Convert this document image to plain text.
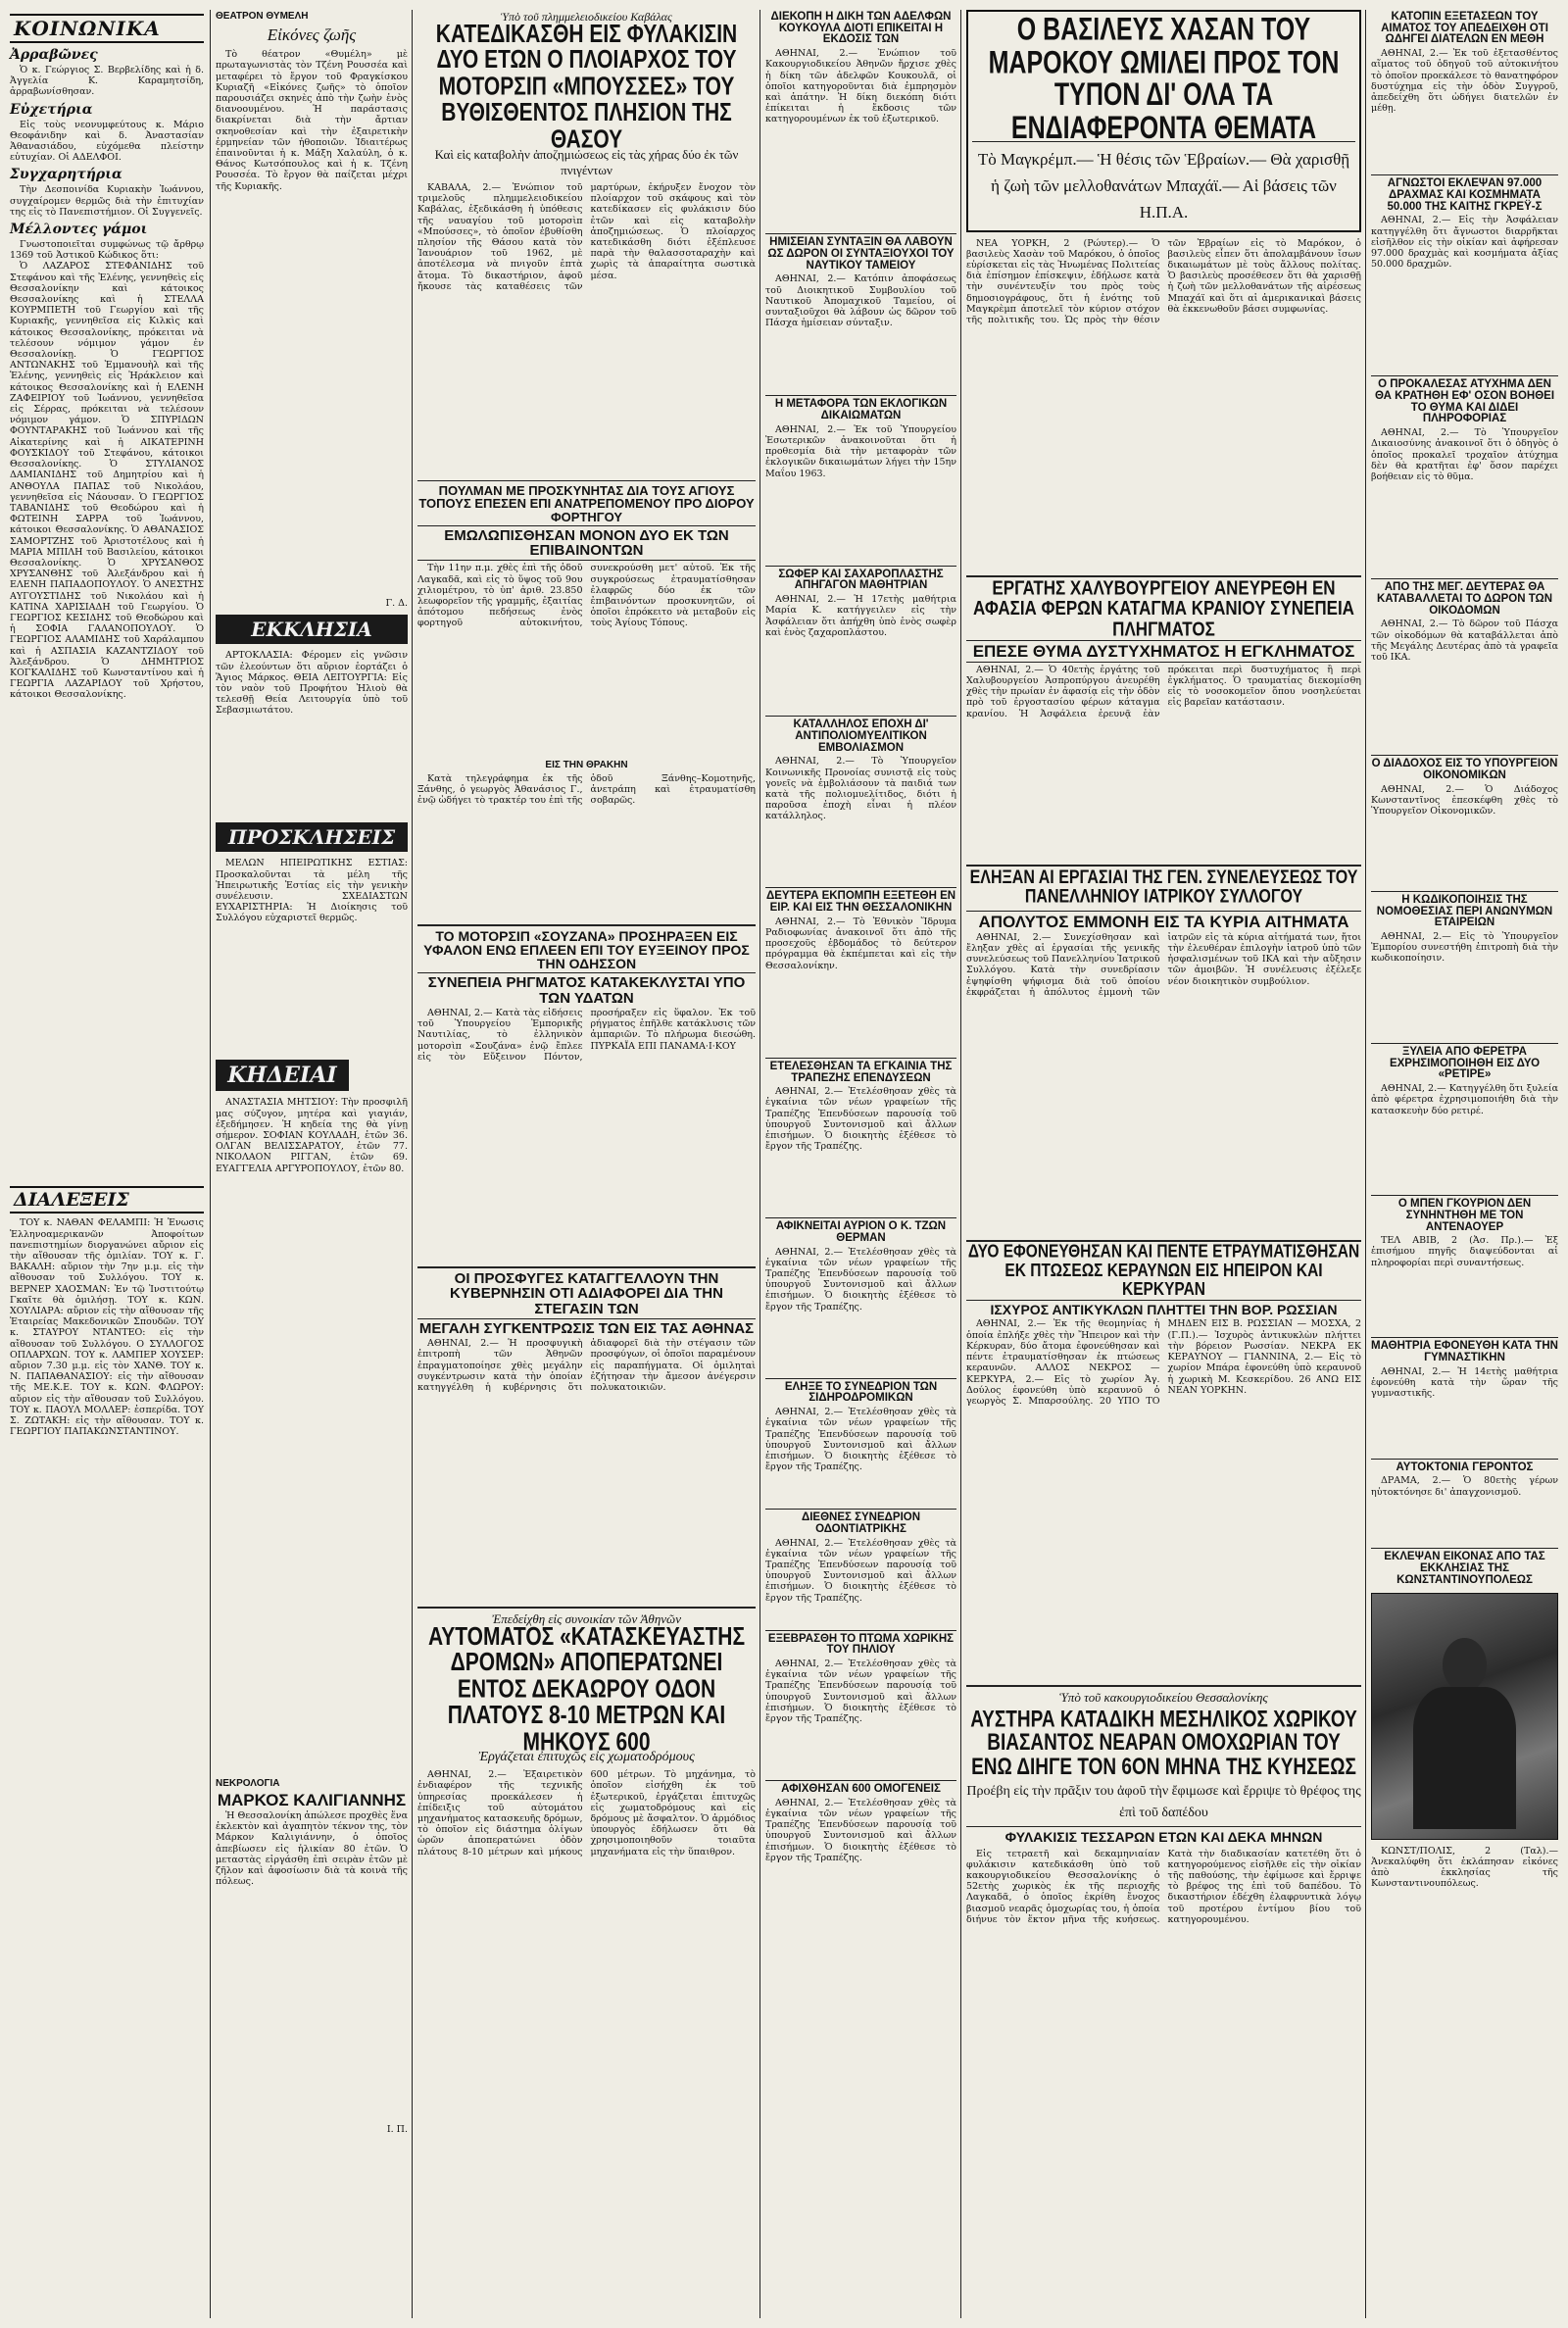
ΚΟΙΝΩΝΙΚΑ
Ἀρραβῶνες
Ὁ κ. Γεώργιος Σ. Βερβελίδης καὶ ἡ δ. Ἀγγελία Κ. Καραμητσίδη, ἀρραβωνίσθησαν.
Εὐχετήρια
Εἰς τοὺς νεονυμφεύτους κ. Μάριο Θεοφάνιδην καὶ δ. Ἀναστασίαν Ἀθανασιάδου, εὐχόμεθα πλείστην εὐτυχίαν. Οἱ ΑΔΕΛΦΟΙ.
Συγχαρητήρια
Τὴν Δεσποινίδα Κυριακὴν Ἰωάννου, συγχαίρομεν θερμῶς διὰ τὴν ἐπιτυχίαν της εἰς τὸ Πανεπιστήμιον. Οἱ Συγγενεῖς.
Μέλλοντες γάμοι
Γνωστοποιεῖται συμφώνως τῷ ἄρθρῳ 1369 τοῦ Ἀστικοῦ Κώδικος ὅτι:
Ὁ ΛΑΖΑΡΟΣ ΣΤΕΦΑΝΙΔΗΣ τοῦ Στεφάνου καὶ τῆς Ἐλένης, γεννηθεὶς εἰς Θεσσαλονίκην καὶ κάτοικος Θεσσαλονίκης καὶ ἡ ΣΤΕΛΛΑ ΚΟΥΡΜΠΕΤΗ τοῦ Γεωργίου καὶ τῆς Κυριακῆς, γεννηθεῖσα εἰς Κιλκὶς καὶ κάτοικος Θεσσαλονίκης, πρόκειται νὰ τελέσουν νόμιμον γάμον ἐν Θεσσαλονίκῃ. Ὁ ΓΕΩΡΓΙΟΣ ΑΝΤΩΝΑΚΗΣ τοῦ Ἐμμανουὴλ καὶ τῆς Ἑλένης, γεννηθεὶς εἰς Ἠράκλειον καὶ κάτοικος Θεσσαλονίκης καὶ ἡ ΕΛΕΝΗ ΖΑΦΕΙΡΙΟΥ τοῦ Ἰωάννου, γεννηθεῖσα εἰς Σέρρας, πρόκειται νὰ τελέσουν νόμιμον γάμον. Ὁ ΣΠΥΡΙΔΩΝ ΦΟΥΝΤΑΡΑΚΗΣ τοῦ Ἰωάννου καὶ τῆς Αἰκατερίνης καὶ ἡ ΑΙΚΑΤΕΡΙΝΗ ΦΟΥΣΚΙΔΟΥ τοῦ Στεφάνου, κάτοικοι Θεσσαλονίκης. Ὁ ΣΤΥΛΙΑΝΟΣ ΔΑΜΙΑΝΙΔΗΣ τοῦ Δημητρίου καὶ ἡ ΑΝΘΟΥΛΑ ΠΑΠΑΣ τοῦ Νικολάου, γεννηθεῖσα εἰς Νάουσαν. Ὁ ΓΕΩΡΓΙΟΣ ΤΑΒΑΝΙΔΗΣ τοῦ Θεοδώρου καὶ ἡ ΦΩΤΕΙΝΗ ΣΑΡΡΑ τοῦ Ἰωάννου, κάτοικοι Θεσσαλονίκης. Ὁ ΑΘΑΝΑΣΙΟΣ ΣΑΜΟΡΤΖΗΣ τοῦ Ἀριστοτέλους καὶ ἡ ΜΑΡΙΑ ΜΠΙΛΗ τοῦ Βασιλείου, κάτοικοι Θεσσαλονίκης. Ὁ ΧΡΥΣΑΝΘΟΣ ΧΡΥΣΑΝΘΗΣ τοῦ Ἀλεξάνδρου καὶ ἡ ΕΛΕΝΗ ΠΑΠΑΔΟΠΟΥΛΟΥ. Ὁ ΑΝΕΣΤΗΣ ΑΥΓΟΥΣΤΙΔΗΣ τοῦ Νικολάου καὶ ἡ ΚΑΤΙΝΑ ΧΑΡΙΣΙΑΔΗ τοῦ Γεωργίου. Ὁ ΓΕΩΡΓΙΟΣ ΚΕΣΙΔΗΣ τοῦ Θεοδώρου καὶ ἡ ΣΟΦΙΑ ΓΑΛΑΝΟΠΟΥΛΟΥ. Ὁ ΓΕΩΡΓΙΟΣ ΑΛΑΜΙΔΗΣ τοῦ Χαράλαμπου καὶ ἡ ΑΣΠΑΣΙΑ ΚΑΖΑΝΤΖΙΔΟΥ τοῦ Ἀλεξάνδρου. Ὁ ΔΗΜΗΤΡΙΟΣ ΚΟΓΚΑΛΙΔΗΣ τοῦ Κωνσταντίνου καὶ ἡ ΓΕΩΡΓΙΑ ΛΑΖΑΡΙΔΟΥ τοῦ Χρήστου, κάτοικοι Θεσσαλονίκης.
ΔΙΑΛΕΞΕΙΣ
ΤΟΥ κ. ΝΑΘΑΝ ΦΕΛΑΜΠΙ: Ἡ Ἑνωσις Ἑλληνοαμερικανῶν Ἀποφοίτων πανεπιστημίων διοργανώνει αὔριον εἰς τὴν αἴθουσαν τῆς ὁμιλίαν. ΤΟΥ κ. Γ. ΒΑΚΑΛΗ: αὔριον τὴν 7ην μ.μ. εἰς τὴν αἴθουσαν τοῦ Συλλόγου. ΤΟΥ κ. ΒΕΡΝΕΡ ΧΑΟΣΜΑΝ: Ἐν τῷ Ἰνστιτούτῳ Γκαῖτε θὰ ὁμιλήσῃ. ΤΟΥ κ. ΚΩΝ. ΧΟΥΛΙΑΡΑ: αὔριον εἰς τὴν αἴθουσαν τῆς Ἑταιρείας Μακεδονικῶν Σπουδῶν. ΤΟΥ κ. ΣΤΑΥΡΟΥ ΝΤΑΝΤΕΟ: εἰς τὴν αἴθουσαν τοῦ Συλλόγου. Ο ΣΥΛΛΟΓΟΣ ΟΠΛΑΡΧΩΝ. ΤΟΥ κ. ΛΑΜΠΕΡ ΧΟΥΣΕΡ: αὔριον 7.30 μ.μ. εἰς τὸν ΧΑΝΘ. ΤΟΥ κ. Ν. ΠΑΠΑΘΑΝΑΣΙΟΥ: εἰς τὴν αἴθουσαν τῆς ΜΕ.Κ.Ε. ΤΟΥ κ. ΚΩΝ. ΦΛΩΡΟΥ: αὔριον εἰς τὴν αἴθουσαν τοῦ Συλλόγου. ΤΟΥ κ. ΠΑΟΥΛ ΜΟΛΛΕΡ: ἑσπερίδα. ΤΟΥ Σ. ΖΩΤΑΚΗ: εἰς τὴν αἴθουσαν. ΤΟΥ κ. ΓΕΩΡΓΙΟΥ ΠΑΠΑΚΩΝΣΤΑΝΤΙΝΟΥ.
ΘΕΑΤΡΟΝ ΘΥΜΕΛΗ
Εἰκόνες ζωῆς
Τὸ θέατρον «Θυμέλη» μὲ πρωταγωνιστὰς τὸν Τζένη Ρουσσέα καὶ μεταφέρει τὸ ἔργον τοῦ Φραγκίσκου Κυριαζῆ «Εἰκόνες ζωῆς» τὸ ὁποῖον παρουσιάζει σκηνὲς ἀπὸ τὴν ζωὴν ἐνὸς διανοουμένου. Ἡ παράστασις διακρίνεται διὰ τὴν ἄρτιαν σκηνοθεσίαν καὶ τὴν ἐξαιρετικὴν ἑρμηνείαν τῶν ἠθοποιῶν. Ἰδιαιτέρως ἐπαινοῦνται ἡ κ. Μάξη Χαλαύλη, ὁ κ. Θάνος Κωτσόπουλος καὶ ἡ κ. Τζένη Ρουσσέα. Τὸ ἔργον θὰ παίζεται μέχρι τῆς Κυριακῆς.
Γ. Δ.
ΕΚΚΛΗΣΙΑ
ΑΡΤΟΚΛΑΣΙΑ: Φέρομεν εἰς γνῶσιν τῶν ἐλεούντων ὅτι αὔριον ἑορτάζει ὁ Ἅγιος Μάρκος. ΘΕΙΑ ΛΕΙΤΟΥΡΓΙΑ: Εἰς τὸν ναὸν τοῦ Προφήτου Ἠλιοὺ θὰ τελεσθῇ Θεία Λειτουργία ὑπὸ τοῦ Σεβασμιωτάτου.
ΠΡΟΣΚΛΗΣΕΙΣ
ΜΕΛΩΝ ΗΠΕΙΡΩΤΙΚΗΣ ΕΣΤΙΑΣ: Προσκαλοῦνται τὰ μέλη τῆς Ἠπειρωτικῆς Ἑστίας εἰς τὴν γενικὴν συνέλευσιν. ΣΧΕΔΙΑΣΤΩΝ ΕΥΧΑΡΙΣΤΗΡΙΑ: Ἡ Διοίκησις τοῦ Συλλόγου εὐχαριστεῖ θερμῶς.
ΚΗΔΕΙΑΙ
ΑΝΑΣΤΑΣΙΑ ΜΗΤΣΙΟΥ: Τὴν προσφιλῆ μας σύζυγον, μητέρα καὶ γιαγιάν, ἐξεδήμησεν. Ἡ κηδεία της θὰ γίνῃ σήμερον. ΣΟΦΙΑΝ ΚΟΥΛΑΔΗ, ἐτῶν 36. ΟΛΓΑΝ ΒΕΛΙΣΣΑΡΑΤΟΥ, ἐτῶν 77. ΝΙΚΟΛΑΟΝ ΡΙΓΓΑΝ, ἐτῶν 69. ΕΥΑΓΓΕΛΙΑ ΑΡΓΥΡΟΠΟΥΛΟΥ, ἐτῶν 80.
ΝΕΚΡΟΛΟΓΙΑ
ΜΑΡΚΟΣ ΚΑΛΙΓΙΑΝΝΗΣ
Ἡ Θεσσαλονίκη ἀπώλεσε προχθὲς ἕνα ἐκλεκτὸν καὶ ἀγαπητὸν τέκνον της, τὸν Μάρκον Καλιγιάννην, ὁ ὁποῖος ἀπεβίωσεν εἰς ἡλικίαν 80 ἐτῶν. Ὁ μεταστὰς εἰργάσθη ἐπὶ σειρὰν ἐτῶν μὲ ζῆλον καὶ ἀφοσίωσιν διὰ τὰ κοινὰ τῆς πόλεως.
Ι. Π.
Ὑπὸ τοῦ πλημμελειοδικείου Καβάλας
ΚΑΤΕΔΙΚΑΣΘΗ ΕΙΣ ΦΥΛΑΚΙΣΙΝ ΔΥΟ ΕΤΩΝ Ο ΠΛΟΙΑΡΧΟΣ ΤΟΥ ΜΟΤΟΡΣΙΠ «ΜΠΟΥΣΣΕΣ» ΤΟΥ ΒΥΘΙΣΘΕΝΤΟΣ ΠΛΗΣΙΟΝ ΤΗΣ ΘΑΣΟΥ
Καὶ εἰς καταβολὴν ἀποζημιώσεως εἰς τὰς χήρας δύο ἐκ τῶν πνιγέντων
ΚΑΒΑΛΑ, 2.— Ἐνώπιον τοῦ τριμελοῦς πλημμελειοδικείου Καβάλας, ἐξεδικάσθη ἡ ὑπόθεσις τῆς ναυαγίου τοῦ μοτορσὶπ «Μπούσσες», τὸ ὁποῖον ἐβυθίσθη πλησίον τῆς Θάσου κατὰ τὸν Ἰανουάριον τοῦ 1962, μὲ ἀποτέλεσμα νὰ πνιγοῦν ἑπτὰ ἄτομα. Τὸ δικαστήριον, ἀφοῦ ἤκουσε τὰς καταθέσεις τῶν μαρτύρων, ἐκήρυξεν ἔνοχον τὸν πλοίαρχον τοῦ σκάφους καὶ τὸν κατεδίκασεν εἰς φυλάκισιν δύο ἐτῶν καὶ εἰς καταβολὴν ἀποζημιώσεως. Ὁ πλοίαρχος κατεδικάσθη διότι ἐξέπλευσε παρὰ τὴν θαλασσοταραχὴν καὶ χωρὶς τὰ ἀπαραίτητα σωστικὰ μέσα.
ΠΟΥΛΜΑΝ ΜΕ ΠΡΟΣΚΥΝΗΤΑΣ ΔΙΑ ΤΟΥΣ ΑΓΙΟΥΣ ΤΟΠΟΥΣ ΕΠΕΣΕΝ ΕΠΙ ΑΝΑΤΡΕΠΟΜΕΝΟΥ ΠΡΟ ΔΙΟΡΟΥ ΦΟΡΤΗΓΟΥ
ΕΜΩΛΩΠΙΣΘΗΣΑΝ ΜΟΝΟΝ ΔΥΟ ΕΚ ΤΩΝ ΕΠΙΒΑΙΝΟΝΤΩΝ
Τὴν 11ην π.μ. χθὲς ἐπὶ τῆς ὁδοῦ Λαγκαδᾶ, καὶ εἰς τὸ ὕψος τοῦ 9ου χιλιομέτρου, τὸ ὑπ' ἀριθ. 23.850 λεωφορεῖον τῆς γραμμῆς, ἐξαιτίας ἀπότομου πεδήσεως ἐνὸς φορτηγοῦ αὐτοκινήτου, συνεκρούσθη μετ' αὐτοῦ. Ἐκ τῆς συγκρούσεως ἐτραυματίσθησαν ἐλαφρῶς δύο ἐκ τῶν ἐπιβαινόντων προσκυνητῶν, οἱ ὁποῖοι ἐπρόκειτο νὰ μεταβοῦν εἰς τοὺς Ἁγίους Τόπους.
ΕΙΣ ΤΗΝ ΘΡΑΚΗΝ
Κατὰ τηλεγράφημα ἐκ τῆς Ξάνθης, ὁ γεωργὸς Ἀθανάσιος Γ., ἐνῷ ὡδήγει τὸ τρακτέρ του ἐπὶ τῆς ὁδοῦ Ξάνθης–Κομοτηνῆς, ἀνετράπη καὶ ἐτραυματίσθη σοβαρῶς.
ΤΟ ΜΟΤΟΡΣΙΠ «ΣΟΥΖΑΝΑ» ΠΡΟΣΗΡΑΞΕΝ ΕΙΣ ΥΦΑΛΟΝ ΕΝΩ ΕΠΛΕΕΝ ΕΠΙ ΤΟΥ ΕΥΞΕΙΝΟΥ ΠΡΟΣ ΤΗΝ ΟΔΗΣΣΟΝ
ΣΥΝΕΠΕΙΑ ΡΗΓΜΑΤΟΣ ΚΑΤΑΚΕΚΛΥΣΤΑΙ ΥΠΟ ΤΩΝ ΥΔΑΤΩΝ
ΑΘΗΝΑΙ, 2.— Κατὰ τὰς εἰδήσεις τοῦ Ὑπουργείου Ἐμπορικῆς Ναυτιλίας, τὸ ἑλληνικὸν μοτορσὶπ «Σουζάνα» ἐνῷ ἔπλεε εἰς τὸν Εὔξεινον Πόντον, προσήραξεν εἰς ὕφαλον. Ἐκ τοῦ ρήγματος ἐπῆλθε κατάκλυσις τῶν ἀμπαριῶν. Τὸ πλήρωμα διεσώθη. ΠΥΡΚΑΪΑ ΕΠΙ ΠΑΝΑΜΑ·Ι·ΚΟΥ
ΟΙ ΠΡΟΣΦΥΓΕΣ ΚΑΤΑΓΓΕΛΛΟΥΝ ΤΗΝ ΚΥΒΕΡΝΗΣΙΝ ΟΤΙ ΑΔΙΑΦΟΡΕΙ ΔΙΑ ΤΗΝ ΣΤΕΓΑΣΙΝ ΤΩΝ
ΜΕΓΑΛΗ ΣΥΓΚΕΝΤΡΩΣΙΣ ΤΩΝ ΕΙΣ ΤΑΣ ΑΘΗΝΑΣ
ΑΘΗΝΑΙ, 2.— Ἡ προσφυγικὴ ἐπιτροπὴ τῶν Ἀθηνῶν ἐπραγματοποίησε χθὲς μεγάλην συγκέντρωσιν κατὰ τὴν ὁποίαν κατηγγέλθη ἡ κυβέρνησις ὅτι ἀδιαφορεῖ διὰ τὴν στέγασιν τῶν προσφύγων, οἱ ὁποῖοι παραμένουν εἰς παραπήγματα. Οἱ ὁμιληταὶ ἐζήτησαν τὴν ἄμεσον ἀνέγερσιν πολυκατοικιῶν.
Ἐπεδείχθη εἰς συνοικίαν τῶν Ἀθηνῶν
ΑΥΤΟΜΑΤΟΣ «ΚΑΤΑΣΚΕΥΑΣΤΗΣ ΔΡΟΜΩΝ» ΑΠΟΠΕΡΑΤΩΝΕΙ ΕΝΤΟΣ ΔΕΚΑΩΡΟΥ ΟΔΟΝ ΠΛΑΤΟΥΣ 8-10 ΜΕΤΡΩΝ ΚΑΙ ΜΗΚΟΥΣ 600
Ἐργάζεται ἐπιτυχῶς εἰς χωματοδρόμους
ΑΘΗΝΑΙ, 2.— Ἐξαιρετικὸν ἐνδιαφέρον τῆς τεχνικῆς ὑπηρεσίας προεκάλεσεν ἡ ἐπίδειξις τοῦ αὐτομάτου μηχανήματος κατασκευῆς δρόμων, τὸ ὁποῖον εἰς διάστημα ὀλίγων ὡρῶν ἀποπερατώνει ὁδὸν πλάτους 8-10 μέτρων καὶ μήκους 600 μέτρων. Τὸ μηχάνημα, τὸ ὁποῖον εἰσήχθη ἐκ τοῦ ἐξωτερικοῦ, ἐργάζεται ἐπιτυχῶς εἰς χωματοδρόμους καὶ εἰς δρόμους μὲ ἄσφαλτον. Ὁ ἀρμόδιος ὑπουργὸς ἐδήλωσεν ὅτι θὰ χρησιμοποιηθοῦν τοιαῦτα μηχανήματα εἰς τὴν ὕπαιθρον.
ΔΙΕΚΟΠΗ Η ΔΙΚΗ ΤΩΝ ΑΔΕΛΦΩΝ ΚΟΥΚΟΥΛΑ ΔΙΟΤΙ ΕΠΙΚΕΙΤΑΙ Η ΕΚΔΟΣΙΣ ΤΩΝ
ΑΘΗΝΑΙ, 2.— Ἐνώπιον τοῦ Κακουργιοδικείου Ἀθηνῶν ἤρχισε χθὲς ἡ δίκη τῶν ἀδελφῶν Κουκουλᾶ, οἱ ὁποῖοι κατηγοροῦνται διὰ ἐμπρησμὸν καὶ ἀπάτην. Ἡ δίκη διεκόπη διότι ἐπίκειται ἡ ἔκδοσις τῶν κατηγορουμένων ἐκ τοῦ ἐξωτερικοῦ.
ΗΜΙΣΕΙΑΝ ΣΥΝΤΑΞΙΝ ΘΑ ΛΑΒΟΥΝ ΩΣ ΔΩΡΟΝ ΟΙ ΣΥΝΤΑΞΙΟΥΧΟΙ ΤΟΥ ΝΑΥΤΙΚΟΥ ΤΑΜΕΙΟΥ
ΑΘΗΝΑΙ, 2.— Κατόπιν ἀποφάσεως τοῦ Διοικητικοῦ Συμβουλίου τοῦ Ναυτικοῦ Ἀπομαχικοῦ Ταμείου, οἱ συνταξιοῦχοι θὰ λάβουν ὡς δῶρον τοῦ Πάσχα ἡμίσειαν σύνταξιν.
Η ΜΕΤΑΦΟΡΑ ΤΩΝ ΕΚΛΟΓΙΚΩΝ ΔΙΚΑΙΩΜΑΤΩΝ
ΑΘΗΝΑΙ, 2.— Ἐκ τοῦ Ὑπουργείου Ἐσωτερικῶν ἀνακοινοῦται ὅτι ἡ προθεσμία διὰ τὴν μεταφορὰν τῶν ἐκλογικῶν δικαιωμάτων λήγει τὴν 15ην Μαΐου 1963.
ΣΩΦΕΡ ΚΑΙ ΣΑΧΑΡΟΠΛΑΣΤΗΣ ΑΠΗΓΑΓΟΝ ΜΑΘΗΤΡΙΑΝ
ΑΘΗΝΑΙ, 2.— Ἡ 17ετὴς μαθήτρια Μαρία Κ. κατήγγειλεν εἰς τὴν Ἀσφάλειαν ὅτι ἀπήχθη ὑπὸ ἑνὸς σωφὲρ καὶ ἑνὸς ζαχαροπλάστου.
ΚΑΤΑΛΛΗΛΟΣ ΕΠΟΧΗ ΔΙ' ΑΝΤΙΠΟΛΙΟΜΥΕΛΙΤΙΚΟΝ ΕΜΒΟΛΙΑΣΜΟΝ
ΑΘΗΝΑΙ, 2.— Τὸ Ὑπουργεῖον Κοινωνικῆς Προνοίας συνιστᾷ εἰς τοὺς γονεῖς νὰ ἐμβολιάσουν τὰ παιδιά των κατὰ τῆς πολιομυελίτιδος, διότι ἡ παροῦσα ἐποχὴ εἶναι ἡ πλέον κατάλληλος.
ΔΕΥΤΕΡΑ ΕΚΠΟΜΠΗ ΕΞΕΤΕΘΗ ΕΝ ΕΙΡ. ΚΑΙ ΕΙΣ ΤΗΝ ΘΕΣΣΑΛΟΝΙΚΗΝ
ΑΘΗΝΑΙ, 2.— Τὸ Ἐθνικὸν Ἵδρυμα Ραδιοφωνίας ἀνακοινοῖ ὅτι ἀπὸ τῆς προσεχοῦς ἑβδομάδος τὸ δεύτερον πρόγραμμα θὰ ἐκπέμπεται καὶ εἰς τὴν Θεσσαλονίκην.
ΕΤΕΛΕΣΘΗΣΑΝ ΤΑ ΕΓΚΑΙΝΙΑ ΤΗΣ ΤΡΑΠΕΖΗΣ ΕΠΕΝΔΥΣΕΩΝ
ΑΘΗΝΑΙ, 2.— Ἐτελέσθησαν χθὲς τὰ ἐγκαίνια τῶν νέων γραφείων τῆς Τραπέζης Ἐπενδύσεων παρουσίᾳ τοῦ ὑπουργοῦ Συντονισμοῦ καὶ ἄλλων ἐπισήμων. Ὁ διοικητὴς ἐξέθεσε τὸ ἔργον τῆς Τραπέζης.
ΑΦΙΚΝΕΙΤΑΙ ΑΥΡΙΟΝ Ο Κ. ΤΖΩΝ ΘΕΡΜΑΝ
ΑΘΗΝΑΙ, 2.— Ἐτελέσθησαν χθὲς τὰ ἐγκαίνια τῶν νέων γραφείων τῆς Τραπέζης Ἐπενδύσεων παρουσίᾳ τοῦ ὑπουργοῦ Συντονισμοῦ καὶ ἄλλων ἐπισήμων. Ὁ διοικητὴς ἐξέθεσε τὸ ἔργον τῆς Τραπέζης.
ΕΛΗΞΕ ΤΟ ΣΥΝΕΔΡΙΟΝ ΤΩΝ ΣΙΔΗΡΟΔΡΟΜΙΚΩΝ
ΑΘΗΝΑΙ, 2.— Ἐτελέσθησαν χθὲς τὰ ἐγκαίνια τῶν νέων γραφείων τῆς Τραπέζης Ἐπενδύσεων παρουσίᾳ τοῦ ὑπουργοῦ Συντονισμοῦ καὶ ἄλλων ἐπισήμων. Ὁ διοικητὴς ἐξέθεσε τὸ ἔργον τῆς Τραπέζης.
ΔΙΕΘΝΕΣ ΣΥΝΕΔΡΙΟΝ ΟΔΟΝΤΙΑΤΡΙΚΗΣ
ΑΘΗΝΑΙ, 2.— Ἐτελέσθησαν χθὲς τὰ ἐγκαίνια τῶν νέων γραφείων τῆς Τραπέζης Ἐπενδύσεων παρουσίᾳ τοῦ ὑπουργοῦ Συντονισμοῦ καὶ ἄλλων ἐπισήμων. Ὁ διοικητὴς ἐξέθεσε τὸ ἔργον τῆς Τραπέζης.
ΕΞΕΒΡΑΣΘΗ ΤΟ ΠΤΩΜΑ ΧΩΡΙΚΗΣ ΤΟΥ ΠΗΛΙΟΥ
ΑΘΗΝΑΙ, 2.— Ἐτελέσθησαν χθὲς τὰ ἐγκαίνια τῶν νέων γραφείων τῆς Τραπέζης Ἐπενδύσεων παρουσίᾳ τοῦ ὑπουργοῦ Συντονισμοῦ καὶ ἄλλων ἐπισήμων. Ὁ διοικητὴς ἐξέθεσε τὸ ἔργον τῆς Τραπέζης.
ΑΦΙΧΘΗΣΑΝ 600 ΟΜΟΓΕΝΕΙΣ
ΑΘΗΝΑΙ, 2.— Ἐτελέσθησαν χθὲς τὰ ἐγκαίνια τῶν νέων γραφείων τῆς Τραπέζης Ἐπενδύσεων παρουσίᾳ τοῦ ὑπουργοῦ Συντονισμοῦ καὶ ἄλλων ἐπισήμων. Ὁ διοικητὴς ἐξέθεσε τὸ ἔργον τῆς Τραπέζης.
Ο ΒΑΣΙΛΕΥΣ ΧΑΣΑΝ ΤΟΥ ΜΑΡΟΚΟΥ ΩΜΙΛΕΙ ΠΡΟΣ ΤΟΝ ΤΥΠΟΝ ΔΙ' ΟΛΑ ΤΑ ΕΝΔΙΑΦΕΡΟΝΤΑ ΘΕΜΑΤΑ
Τὸ Μαγκρέμπ.— Ἡ θέσις τῶν Ἑβραίων.— Θὰ χαρισθῇ ἡ ζωὴ τῶν μελλοθανάτων Μπαχάϊ.— Αἱ βάσεις τῶν Η.Π.Α.
ΝΕΑ ΥΟΡΚΗ, 2 (Ρώυτερ).— Ὁ βασιλεὺς Χασὰν τοῦ Μαρόκου, ὁ ὁποῖος εὑρίσκεται εἰς τὰς Ἡνωμένας Πολιτείας διὰ ἐπίσημον ἐπίσκεψιν, ἐδήλωσε κατὰ τὴν συνέντευξίν του πρὸς τοὺς δημοσιογράφους, ὅτι ἡ ἑνότης τοῦ Μαγκρὲμπ ἀποτελεῖ τὸν κύριον στόχον τῆς πολιτικῆς του. Ὡς πρὸς τὴν θέσιν τῶν Ἑβραίων εἰς τὸ Μαρόκον, ὁ βασιλεὺς εἶπεν ὅτι ἀπολαμβάνουν ἴσων δικαιωμάτων μὲ τοὺς ἄλλους πολίτας. Ὁ βασιλεὺς προσέθεσεν ὅτι θὰ χαρισθῇ ἡ ζωὴ τῶν μελλοθανάτων τῆς αἱρέσεως Μπαχάϊ καὶ ὅτι αἱ ἀμερικανικαὶ βάσεις θὰ ἐκκενωθοῦν βάσει συμφωνίας.
ΕΡΓΑΤΗΣ ΧΑΛΥΒΟΥΡΓΕΙΟΥ ΑΝΕΥΡΕΘΗ ΕΝ ΑΦΑΣΙΑ ΦΕΡΩΝ ΚΑΤΑΓΜΑ ΚΡΑΝΙΟΥ ΣΥΝΕΠΕΙΑ ΠΛΗΓΜΑΤΟΣ
ΕΠΕΣΕ ΘΥΜΑ ΔΥΣΤΥΧΗΜΑΤΟΣ Η ΕΓΚΛΗΜΑΤΟΣ
ΑΘΗΝΑΙ, 2.— Ὁ 40ετὴς ἐργάτης τοῦ Χαλυβουργείου Ἀσπροπύργου ἀνευρέθη χθὲς τὴν πρωίαν ἐν ἀφασίᾳ εἰς τὴν ὁδὸν πρὸ τοῦ ἐργοστασίου φέρων κάταγμα κρανίου. Ἡ Ἀσφάλεια ἐρευνᾷ ἐὰν πρόκειται περὶ δυστυχήματος ἢ περὶ ἐγκλήματος. Ὁ τραυματίας διεκομίσθη εἰς τὸ νοσοκομεῖον ὅπου νοσηλεύεται εἰς βαρεῖαν κατάστασιν.
ΕΛΗΞΑΝ ΑΙ ΕΡΓΑΣΙΑΙ ΤΗΣ ΓΕΝ. ΣΥΝΕΛΕΥΣΕΩΣ ΤΟΥ ΠΑΝΕΛΛΗΝΙΟΥ ΙΑΤΡΙΚΟΥ ΣΥΛΛΟΓΟΥ
ΑΠΟΛΥΤΟΣ ΕΜΜΟΝΗ ΕΙΣ ΤΑ ΚΥΡΙΑ ΑΙΤΗΜΑΤΑ
ΑΘΗΝΑΙ, 2.— Συνεχίσθησαν καὶ ἔληξαν χθὲς αἱ ἐργασίαι τῆς γενικῆς συνελεύσεως τοῦ Πανελληνίου Ἰατρικοῦ Συλλόγου. Κατὰ τὴν συνεδρίασιν ἐψηφίσθη ψήφισμα διὰ τοῦ ὁποίου ἐκφράζεται ἡ ἀπόλυτος ἐμμονὴ τῶν ἰατρῶν εἰς τὰ κύρια αἰτήματά των, ἤτοι τὴν ἐλευθέραν ἐπιλογὴν ἰατροῦ ὑπὸ τῶν ἠσφαλισμένων τοῦ ΙΚΑ καὶ τὴν αὔξησιν τῶν ἀμοιβῶν. Ἡ συνέλευσις ἐξέλεξε νέον διοικητικὸν συμβούλιον.
ΔΥΟ ΕΦΟΝΕΥΘΗΣΑΝ ΚΑΙ ΠΕΝΤΕ ΕΤΡΑΥΜΑΤΙΣΘΗΣΑΝ ΕΚ ΠΤΩΣΕΩΣ ΚΕΡΑΥΝΩΝ ΕΙΣ ΗΠΕΙΡΟΝ ΚΑΙ ΚΕΡΚΥΡΑΝ
ΙΣΧΥΡΟΣ ΑΝΤΙΚΥΚΛΩΝ ΠΛΗΤΤΕΙ ΤΗΝ ΒΟΡ. ΡΩΣΣΙΑΝ
ΑΘΗΝΑΙ, 2.— Ἐκ τῆς θεομηνίας ἡ ὁποία ἐπλήξε χθὲς τὴν Ἤπειρον καὶ τὴν Κέρκυραν, δύο ἄτομα ἐφονεύθησαν καὶ πέντε ἐτραυματίσθησαν ἐκ πτώσεως κεραυνῶν. ΑΛΛΟΣ ΝΕΚΡΟΣ — ΚΕΡΚΥΡΑ, 2.— Εἰς τὸ χωρίον Ἀγ. Δούλος ἐφονεύθη ὑπὸ κεραυνοῦ ὁ γεωργὸς Σ. Μπαρσούλης. 20 ΥΠΟ ΤΟ ΜΗΔΕΝ ΕΙΣ Β. ΡΩΣΣΙΑΝ — ΜΟΣΧΑ, 2 (Γ.Π.).— Ἰσχυρὸς ἀντικυκλὼν πλήττει τὴν βόρειον Ρωσσίαν. ΝΕΚΡΑ ΕΚ ΚΕΡΑΥΝΟΥ — ΓΙΑΝΝΙΝΑ, 2.— Εἰς τὸ χωρίον Μπάρα ἐφονεύθη ὑπὸ κεραυνοῦ ἡ χωρικὴ Μ. Κεσκερίδου. 26 ΑΝΩ ΕΙΣ ΝΕΑΝ ΥΟΡΚΗΝ.
Ὑπὸ τοῦ κακουργιοδικείου Θεσσαλονίκης
ΑΥΣΤΗΡΑ ΚΑΤΑΔΙΚΗ ΜΕΣΗΛΙΚΟΣ ΧΩΡΙΚΟΥ ΒΙΑΣΑΝΤΟΣ ΝΕΑΡΑΝ ΟΜΟΧΩΡΙΑΝ ΤΟΥ ΕΝΩ ΔΙΗΓΕ ΤΟΝ 6ΟΝ ΜΗΝΑ ΤΗΣ ΚΥΗΣΕΩΣ
Προέβη εἰς τὴν πρᾶξιν του ἀφοῦ τὴν ἔφιμωσε καὶ ἔρριψε τὸ θρέφος της ἐπὶ τοῦ δαπέδου
ΦΥΛΑΚΙΣΙΣ ΤΕΣΣΑΡΩΝ ΕΤΩΝ ΚΑΙ ΔΕΚΑ ΜΗΝΩΝ
Εἰς τετραετῆ καὶ δεκαμηνιαίαν φυλάκισιν κατεδικάσθη ὑπὸ τοῦ κακουργιοδικείου Θεσσαλονίκης ὁ 52ετὴς χωρικὸς ἐκ τῆς περιοχῆς Λαγκαδᾶ, ὁ ὁποῖος ἐκρίθη ἔνοχος βιασμοῦ νεαρᾶς ὁμοχωρίας του, ἡ ὁποία διήνυε τὸν ἕκτον μῆνα τῆς κυήσεως. Κατὰ τὴν διαδικασίαν κατετέθη ὅτι ὁ κατηγορούμενος εἰσῆλθε εἰς τὴν οἰκίαν τῆς παθούσης, τὴν ἐφίμωσε καὶ ἔρριψε τὸ βρέφος της ἐπὶ τοῦ δαπέδου. Τὸ δικαστήριον ἐδέχθη ἐλαφρυντικὰ λόγῳ τοῦ προτέρου ἐντίμου βίου τοῦ κατηγορουμένου.
ΚΑΤΟΠΙΝ ΕΞΕΤΑΣΕΩΝ ΤΟΥ ΑΙΜΑΤΟΣ ΤΟΥ ΑΠΕΔΕΙΧΘΗ ΟΤΙ ΩΔΗΓΕΙ ΔΙΑΤΕΛΩΝ ΕΝ ΜΕΘΗ
ΑΘΗΝΑΙ, 2.— Ἐκ τοῦ ἐξετασθέντος αἵματος τοῦ ὁδηγοῦ τοῦ αὐτοκινήτου τὸ ὁποῖον προεκάλεσε τὸ θανατηφόρον δυστύχημα εἰς τὴν ὁδὸν Συγγροῦ, ἀπεδείχθη ὅτι ὡδήγει διατελῶν ἐν μέθῃ.
ΑΓΝΩΣΤΟΙ ΕΚΛΕΨΑΝ 97.000 ΔΡΑΧΜΑΣ ΚΑΙ ΚΟΣΜΗΜΑΤΑ 50.000 ΤΗΣ ΚΑΙΤΗΣ ΓΚΡΕΫ-Σ
ΑΘΗΝΑΙ, 2.— Εἰς τὴν Ἀσφάλειαν κατηγγέλθη ὅτι ἄγνωστοι διαρρῆκται εἰσῆλθον εἰς τὴν οἰκίαν καὶ ἀφήρεσαν 97.000 δραχμὰς καὶ κοσμήματα ἀξίας 50.000 δραχμῶν.
Ο ΠΡΟΚΑΛΕΣΑΣ ΑΤΥΧΗΜΑ ΔΕΝ ΘΑ ΚΡΑΤΗΘΗ ΕΦ' ΟΣΟΝ ΒΟΗΘΕΙ ΤΟ ΘΥΜΑ ΚΑΙ ΔΙΔΕΙ ΠΛΗΡΟΦΟΡΙΑΣ
ΑΘΗΝΑΙ, 2.— Τὸ Ὑπουργεῖον Δικαιοσύνης ἀνακοινοῖ ὅτι ὁ ὁδηγὸς ὁ ὁποῖος προκαλεῖ τροχαῖον ἀτύχημα δὲν θὰ κρατῆται ἐφ' ὅσον παρέχει βοήθειαν εἰς τὸ θῦμα.
ΑΠΟ ΤΗΣ ΜΕΓ. ΔΕΥΤΕΡΑΣ ΘΑ ΚΑΤΑΒΑΛΛΕΤΑΙ ΤΟ ΔΩΡΟΝ ΤΩΝ ΟΙΚΟΔΟΜΩΝ
ΑΘΗΝΑΙ, 2.— Τὸ δῶρον τοῦ Πάσχα τῶν οἰκοδόμων θὰ καταβάλλεται ἀπὸ τῆς Μεγάλης Δευτέρας ἀπὸ τὰ γραφεῖα τοῦ ΙΚΑ.
Ο ΔΙΑΔΟΧΟΣ ΕΙΣ ΤΟ ΥΠΟΥΡΓΕΙΟΝ ΟΙΚΟΝΟΜΙΚΩΝ
ΑΘΗΝΑΙ, 2.— Ὁ Διάδοχος Κωνσταντῖνος ἐπεσκέφθη χθὲς τὸ Ὑπουργεῖον Οἰκονομικῶν.
Η ΚΩΔΙΚΟΠΟΙΗΣΙΣ ΤΗΣ ΝΟΜΟΘΕΣΙΑΣ ΠΕΡΙ ΑΝΩΝΥΜΩΝ ΕΤΑΙΡΕΙΩΝ
ΑΘΗΝΑΙ, 2.— Εἰς τὸ Ὑπουργεῖον Ἐμπορίου συνεστήθη ἐπιτροπὴ διὰ τὴν κωδικοποίησιν.
ΞΥΛΕΙΑ ΑΠΟ ΦΕΡΕΤΡΑ ΕΧΡΗΣΙΜΟΠΟΙΗΘΗ ΕΙΣ ΔΥΟ «ΡΕΤΙΡΕ»
ΑΘΗΝΑΙ, 2.— Κατηγγέλθη ὅτι ξυλεία ἀπὸ φέρετρα ἐχρησιμοποιήθη διὰ τὴν κατασκευὴν δύο ρετιρέ.
Ο ΜΠΕΝ ΓΚΟΥΡΙΟΝ ΔΕΝ ΣΥΝΗΝΤΗΘΗ ΜΕ ΤΟΝ ΑΝΤΕΝΑΟΥΕΡ
ΤΕΛ ΑΒΙΒ, 2 (Ἀσ. Πρ.).— Ἐξ ἐπισήμου πηγῆς διαψεύδονται αἱ πληροφορίαι περὶ συναντήσεως.
ΜΑΘΗΤΡΙΑ ΕΦΟΝΕΥΘΗ ΚΑΤΑ ΤΗΝ ΓΥΜΝΑΣΤΙΚΗΝ
ΑΘΗΝΑΙ, 2.— Ἡ 14ετὴς μαθήτρια ἐφονεύθη κατὰ τὴν ὥραν τῆς γυμναστικῆς.
ΑΥΤΟΚΤΟΝΙΑ ΓΕΡΟΝΤΟΣ
ΔΡΑΜΑ, 2.— Ὁ 80ετὴς γέρων ηὐτοκτόνησε δι' ἀπαγχονισμοῦ.
ΕΚΛΕΨΑΝ ΕΙΚΟΝΑΣ ΑΠΟ ΤΑΣ ΕΚΚΛΗΣΙΑΣ ΤΗΣ ΚΩΝΣΤΑΝΤΙΝΟΥΠΟΛΕΩΣ
ΚΩΝΣΤ/ΠΟΛΙΣ, 2 (Ταλ).— Ἀνεκαλύφθη ὅτι ἐκλάπησαν εἰκόνες ἀπὸ ἐκκλησίας τῆς Κωνσταντινουπόλεως.
